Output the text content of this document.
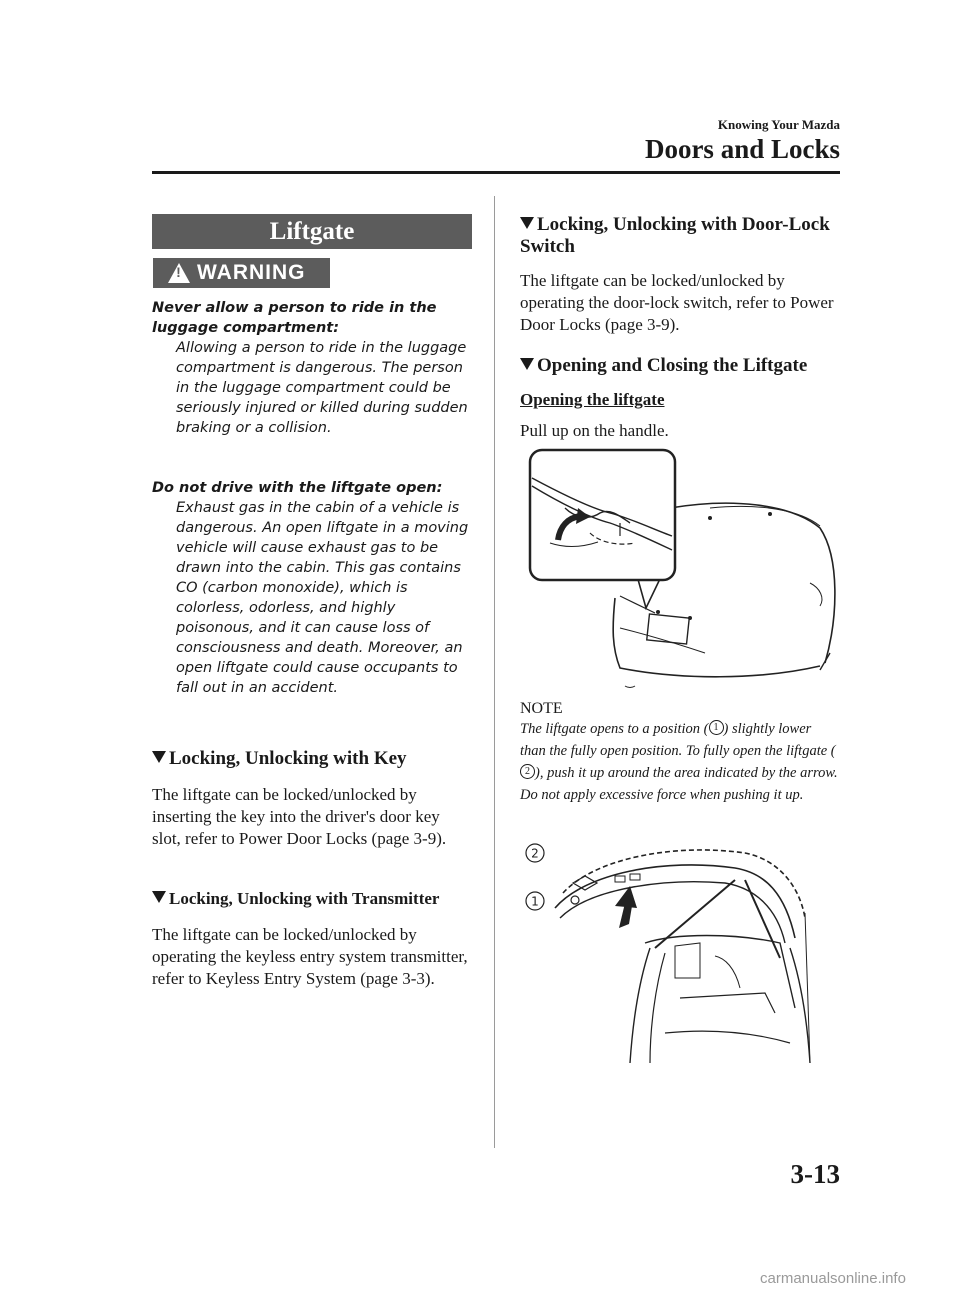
Knowing Your Mazda
Doors and Locks
Liftgate
! WARNING
Never allow a person to ride in the luggage compartment:
Allowing a person to ride in the luggage compartment is dangerous. The person in the luggage compartment could be seriously injured or killed during sudden braking or a collision.
Do not drive with the liftgate open:
Exhaust gas in the cabin of a vehicle is dangerous. An open liftgate in a moving vehicle will cause exhaust gas to be drawn into the cabin. This gas contains CO (carbon monoxide), which is colorless, odorless, and highly poisonous, and it can cause loss of consciousness and death. Moreover, an open liftgate could cause occupants to fall out in an accident.
Locking, Unlocking with Key
The liftgate can be locked/unlocked by inserting the key into the driver's door key slot, refer to Power Door Locks (page 3-9).
Locking, Unlocking with Transmitter
The liftgate can be locked/unlocked by operating the keyless entry system transmitter, refer to Keyless Entry System (page 3-3).
Locking, Unlocking with Door-Lock Switch
The liftgate can be locked/unlocked by operating the door-lock switch, refer to Power Door Locks (page 3-9).
Opening and Closing the Liftgate
Opening the liftgate
Pull up on the handle.
NOTE
The liftgate opens to a position ( 1 ) slightly lower than the fully open position. To fully open the liftgate (2 ), push it up around the area indicated by the arrow. Do not apply excessive force when pushing it up.
2
1
3-13
carmanualsonline.info
